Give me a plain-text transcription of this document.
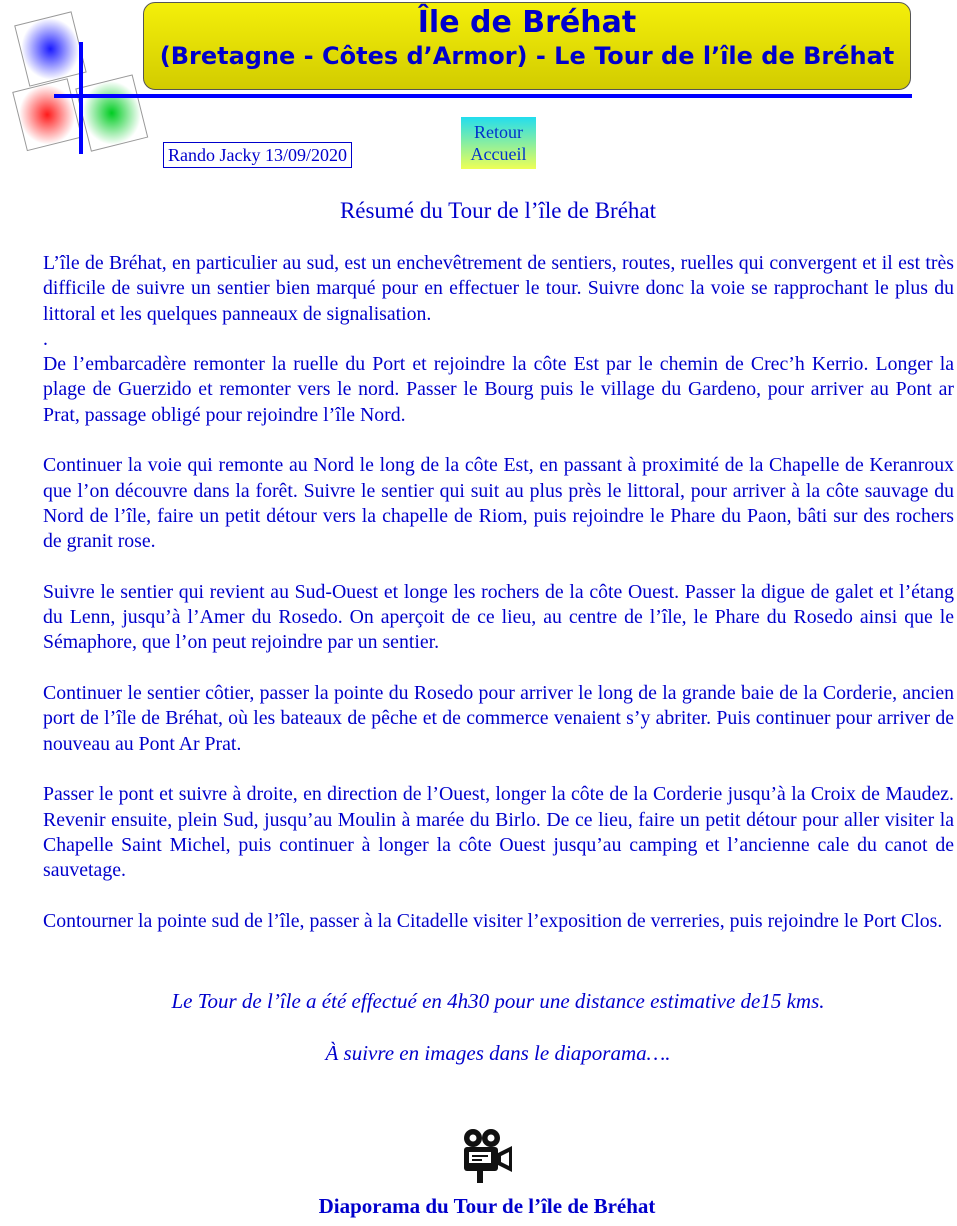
Île de Bréhat
(Bretagne - Côtes d’Armor) - Le Tour de l’île de Bréhat
Rando Jacky 13/09/2020
Retour
Accueil
Résumé du Tour de l’île de Bréhat

L’île de Bréhat, en particulier au sud, est un enchevêtrement de sentiers, routes, ruelles qui convergent et il est très difficile de suivre un sentier bien marqué pour en effectuer le tour. Suivre donc la voie se rapprochant le plus du littoral et les quelques panneaux de signalisation.

.

De l’embarcadère remonter la ruelle du Port et rejoindre la côte Est par le chemin de Crec’h Kerrio. Longer la plage de Guerzido et remonter vers le nord. Passer le Bourg puis le village du Gardeno, pour arriver au Pont ar Prat, passage obligé pour rejoindre l’île Nord.

Continuer la voie qui remonte au Nord le long de la côte Est, en passant à proximité de la Chapelle de Keranroux que l’on découvre dans la forêt. Suivre le sentier qui suit au plus près le littoral, pour arriver à la côte sauvage du Nord de l’île, faire un petit détour vers la chapelle de Riom, puis rejoindre le Phare du Paon, bâti sur des rochers de granit rose.

Suivre le sentier qui revient au Sud-Ouest et longe les rochers de la côte Ouest. Passer la digue de galet et l’étang du Lenn, jusqu’à l’Amer du Rosedo. On aperçoit de ce lieu, au centre de l’île, le Phare du Rosedo ainsi que le Sémaphore, que l’on peut rejoindre par un sentier.

Continuer le sentier côtier, passer la pointe du Rosedo pour arriver le long de la grande baie de la Corderie, ancien port de l’île de Bréhat, où les bateaux de pêche et de commerce venaient s’y abriter. Puis continuer pour arriver de nouveau au Pont Ar Prat.

Passer le pont et suivre à droite, en direction de l’Ouest, longer la côte de la Corderie jusqu’à la Croix de Maudez. Revenir ensuite, plein Sud, jusqu’au Moulin à marée du Birlo. De ce lieu, faire un petit détour pour aller visiter la Chapelle Saint Michel, puis continuer à longer la côte Ouest jusqu’au camping et l’ancienne cale du canot de sauvetage.

Contourner la pointe sud de l’île, passer à la Citadelle visiter l’exposition de verreries, puis rejoindre le Port Clos.

Le Tour de l’île a été effectué en 4h30 pour une distance estimative de15 kms.

À suivre en images dans le diaporama….

Diaporama du Tour de l’île de Bréhat
